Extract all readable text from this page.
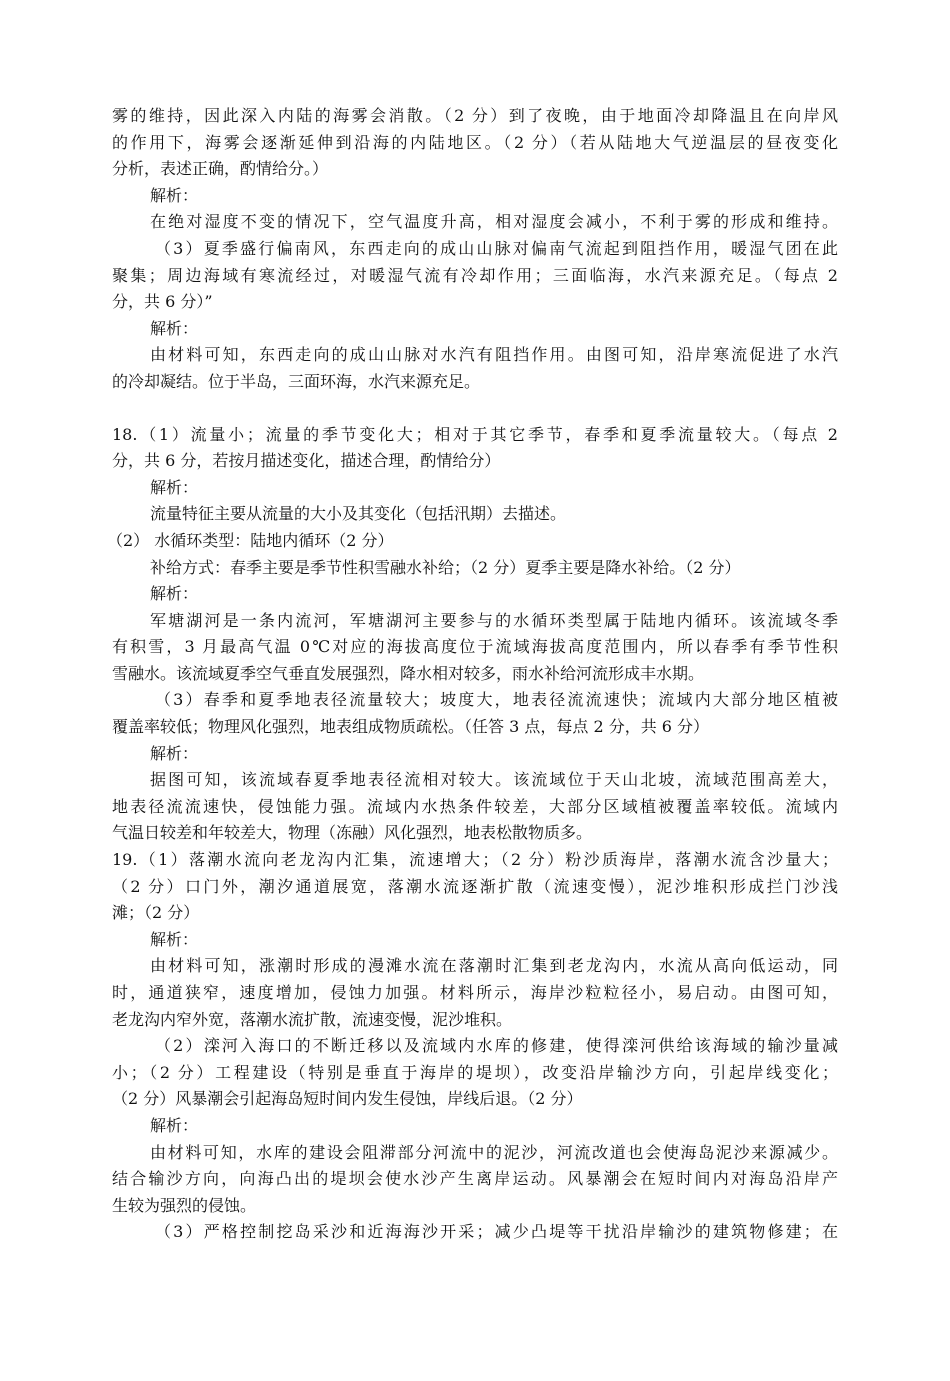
雾的维持，因此深入内陆的海雾会消散。（2 分）到了夜晚，由于地面冷却降温且在向岸风
的作用下，海雾会逐渐延伸到沿海的内陆地区。（2 分）（若从陆地大气逆温层的昼夜变化
分析，表述正确，酌情给分。）
解析：
在绝对湿度不变的情况下，空气温度升高，相对湿度会减小，不利于雾的形成和维持。
（3）夏季盛行偏南风，东西走向的成山山脉对偏南气流起到阻挡作用，暖湿气团在此
聚集；周边海域有寒流经过，对暖湿气流有冷却作用；三面临海，水汽来源充足。（每点 2
分，共 6 分）”
解析：
由材料可知，东西走向的成山山脉对水汽有阻挡作用。由图可知，沿岸寒流促进了水汽
的冷却凝结。位于半岛，三面环海，水汽来源充足。
18.（1）流量小；流量的季节变化大；相对于其它季节，春季和夏季流量较大。（每点 2
分，共 6 分，若按月描述变化，描述合理，酌情给分）
解析：
流量特征主要从流量的大小及其变化（包括汛期）去描述。
（2） 水循环类型：陆地内循环（2 分）
补给方式：春季主要是季节性积雪融水补给；（2 分）夏季主要是降水补给。（2 分）
解析：
军塘湖河是一条内流河，军塘湖河主要参与的水循环类型属于陆地内循环。该流域冬季
有积雪，3 月最高气温 0℃对应的海拔高度位于流域海拔高度范围内，所以春季有季节性积
雪融水。该流域夏季空气垂直发展强烈，降水相对较多，雨水补给河流形成丰水期。
（3）春季和夏季地表径流量较大；坡度大，地表径流流速快；流域内大部分地区植被
覆盖率较低；物理风化强烈，地表组成物质疏松。（任答 3 点，每点 2 分，共 6 分）
解析：
据图可知，该流域春夏季地表径流相对较大。该流域位于天山北坡，流域范围高差大，
地表径流流速快，侵蚀能力强。流域内水热条件较差，大部分区域植被覆盖率较低。流域内
气温日较差和年较差大，物理（冻融）风化强烈，地表松散物质多。
19.（1）落潮水流向老龙沟内汇集，流速增大；（2 分）粉沙质海岸，落潮水流含沙量大；
（2 分）口门外，潮汐通道展宽，落潮水流逐渐扩散（流速变慢），泥沙堆积形成拦门沙浅
滩；（2 分）
解析：
由材料可知，涨潮时形成的漫滩水流在落潮时汇集到老龙沟内，水流从高向低运动，同
时，通道狭窄，速度增加，侵蚀力加强。材料所示，海岸沙粒粒径小，易启动。由图可知，
老龙沟内窄外宽，落潮水流扩散，流速变慢，泥沙堆积。
（2）滦河入海口的不断迁移以及流域内水库的修建，使得滦河供给该海域的输沙量减
小；（2 分）工程建设（特别是垂直于海岸的堤坝），改变沿岸输沙方向，引起岸线变化；
（2 分）风暴潮会引起海岛短时间内发生侵蚀，岸线后退。（2 分）
解析：
由材料可知，水库的建设会阻滞部分河流中的泥沙，河流改道也会使海岛泥沙来源减少。
结合输沙方向，向海凸出的堤坝会使水沙产生离岸运动。风暴潮会在短时间内对海岛沿岸产
生较为强烈的侵蚀。
（3）严格控制挖岛采沙和近海海沙开采；减少凸堤等干扰沿岸输沙的建筑物修建；在
